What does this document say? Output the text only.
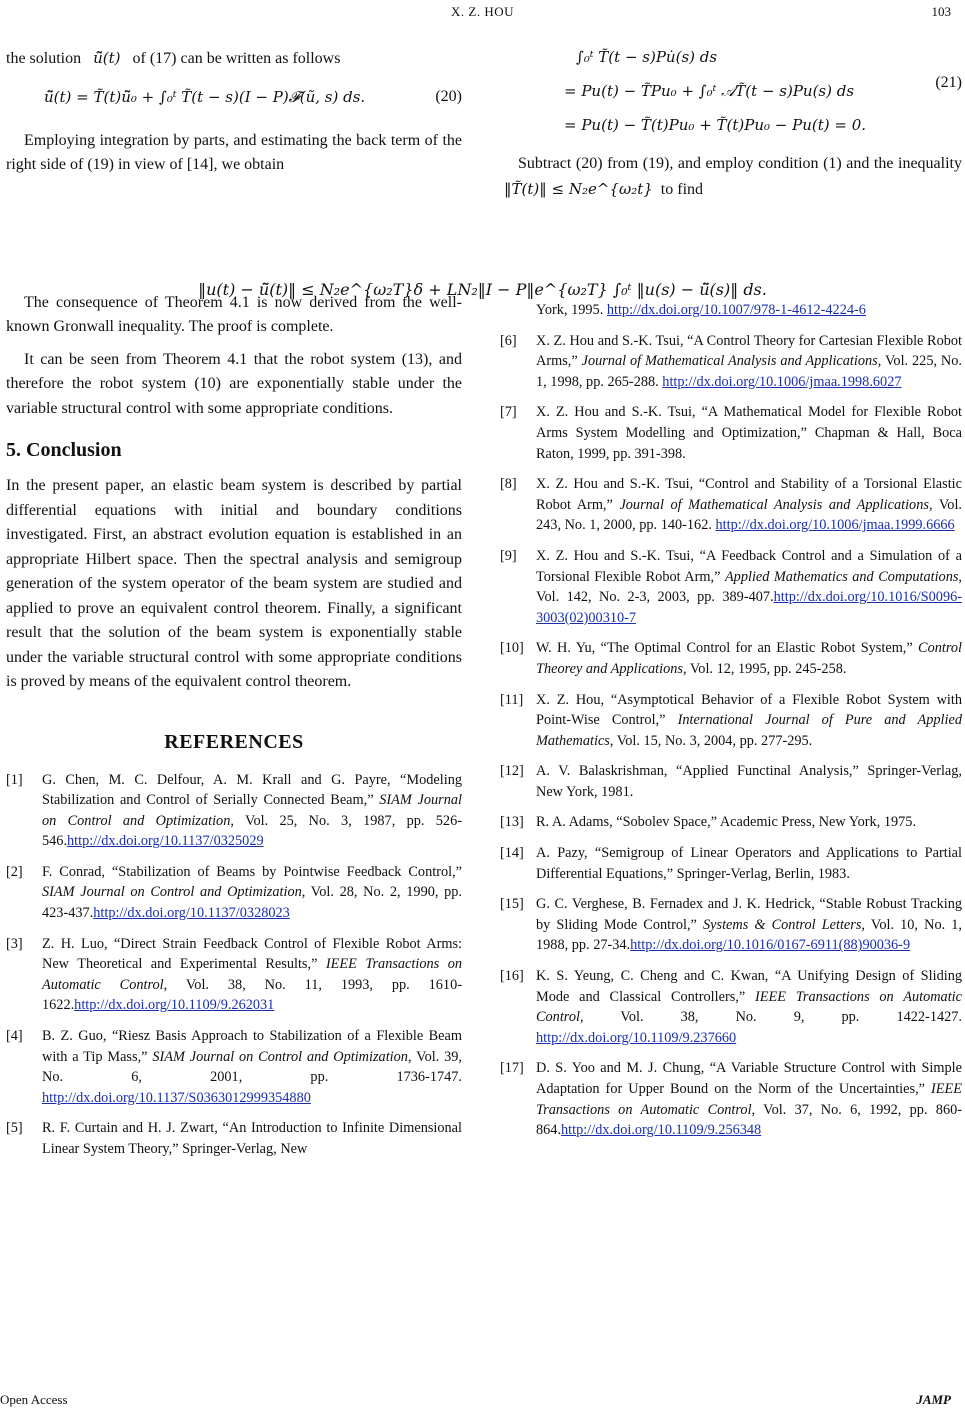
X. Z. HOU	103

the solution ũ̃(t) of (17) can be written as follows

ũ̃(t) = T̃(t)ũ̃₀ + ∫₀ᵗ T̃(t − s)(I − P)𝓕(ũ, s) ds.	(20)

Employing integration by parts, and estimating the back term of the right side of (19) in view of [14], we obtain

The consequence of Theorem 4.1 is now derived from the well-known Gronwall inequality. The proof is complete.

It can be seen from Theorem 4.1 that the robot system (13), and therefore the robot system (10) are exponentially stable under the variable structural control with some appropriate conditions.

5. Conclusion

In the present paper, an elastic beam system is described by partial differential equations with initial and boundary conditions investigated. First, an abstract evolution equation is established in an appropriate Hilbert space. Then the spectral analysis and semigroup generation of the system operator of the beam system are studied and applied to prove an equivalent control theorem. Finally, a significant result that the solution of the beam system is exponentially stable under the variable structural control with some appropriate conditions is proved by means of the equivalent control theorem.

REFERENCES
[1] G. Chen, M. C. Delfour, A. M. Krall and G. Payre, “Modeling Stabilization and Control of Serially Connected Beam,” SIAM Journal on Control and Optimization, Vol. 25, No. 3, 1987, pp. 526-546.http://dx.doi.org/10.1137/0325029
[2] F. Conrad, “Stabilization of Beams by Pointwise Feedback Control,” SIAM Journal on Control and Optimization, Vol. 28, No. 2, 1990, pp. 423-437.http://dx.doi.org/10.1137/0328023
[3] Z. H. Luo, “Direct Strain Feedback Control of Flexible Robot Arms: New Theoretical and Experimental Results,” IEEE Transactions on Automatic Control, Vol. 38, No. 11, 1993, pp. 1610-1622.http://dx.doi.org/10.1109/9.262031
[4] B. Z. Guo, “Riesz Basis Approach to Stabilization of a Flexible Beam with a Tip Mass,” SIAM Journal on Control and Optimization, Vol. 39, No. 6, 2001, pp. 1736-1747. http://dx.doi.org/10.1137/S0363012999354880
[5] R. F. Curtain and H. J. Zwart, “An Introduction to Infinite Dimensional Linear System Theory,” Springer-Verlag, New
∫₀ᵗ T̃(t − s)Pu̇(s) ds
= Pu(t) − T̃Pu₀ + ∫₀ᵗ 𝒜T̃(t − s)Pu(s) ds
= Pu(t) − T̃(t)Pu₀ + T̃(t)Pu₀ − Pu(t) = 0.
(21)

Subtract (20) from (19), and employ condition (1) and the inequality  ‖T̃(t)‖ ≤ N₂e^{ω₂t} to find

York, 1995. http://dx.doi.org/10.1007/978-1-4612-4224-6
[6] X. Z. Hou and S.-K. Tsui, “A Control Theory for Cartesian Flexible Robot Arms,” Journal of Mathematical Analysis and Applications, Vol. 225, No. 1, 1998, pp. 265-288. http://dx.doi.org/10.1006/jmaa.1998.6027
[7] X. Z. Hou and S.-K. Tsui, “A Mathematical Model for Flexible Robot Arms System Modelling and Optimization,” Chapman & Hall, Boca Raton, 1999, pp. 391-398.
[8] X. Z. Hou and S.-K. Tsui, “Control and Stability of a Torsional Elastic Robot Arm,” Journal of Mathematical Analysis and Applications, Vol. 243, No. 1, 2000, pp. 140-162. http://dx.doi.org/10.1006/jmaa.1999.6666
[9] X. Z. Hou and S.-K. Tsui, “A Feedback Control and a Simulation of a Torsional Flexible Robot Arm,” Applied Mathematics and Computations, Vol. 142, No. 2-3, 2003, pp. 389-407.http://dx.doi.org/10.1016/S0096-3003(02)00310-7
[10] W. H. Yu, “The Optimal Control for an Elastic Robot System,” Control Theorey and Applications, Vol. 12, 1995, pp. 245-258.
[11] X. Z. Hou, “Asymptotical Behavior of a Flexible Robot System with Point-Wise Control,” International Journal of Pure and Applied Mathematics, Vol. 15, No. 3, 2004, pp. 277-295.
[12] A. V. Balaskrishman, “Applied Functinal Analysis,” Springer-Verlag, New York, 1981.
[13] R. A. Adams, “Sobolev Space,” Academic Press, New York, 1975.
[14] A. Pazy, “Semigroup of Linear Operators and Applications to Partial Differential Equations,” Springer-Verlag, Berlin, 1983.
[15] G. C. Verghese, B. Fernadex and J. K. Hedrick, “Stable Robust Tracking by Sliding Mode Control,” Systems & Control Letters, Vol. 10, No. 1, 1988, pp. 27-34.http://dx.doi.org/10.1016/0167-6911(88)90036-9
[16] K. S. Yeung, C. Cheng and C. Kwan, “A Unifying Design of Sliding Mode and Classical Controllers,” IEEE Transactions on Automatic Control, Vol. 38, No. 9, pp. 1422-1427. http://dx.doi.org/10.1109/9.237660
[17] D. S. Yoo and M. J. Chung, “A Variable Structure Control with Simple Adaptation for Upper Bound on the Norm of the Uncertainties,” IEEE Transactions on Automatic Control, Vol. 37, No. 6, 1992, pp. 860-864.http://dx.doi.org/10.1109/9.256348
‖u(t) − ũ̃(t)‖ ≤ N₂e^{ω₂T}δ + LN₂‖I − P‖e^{ω₂T} ∫₀ᵗ ‖u(s) − ũ̃(s)‖ ds.
Open Access	JAMP
